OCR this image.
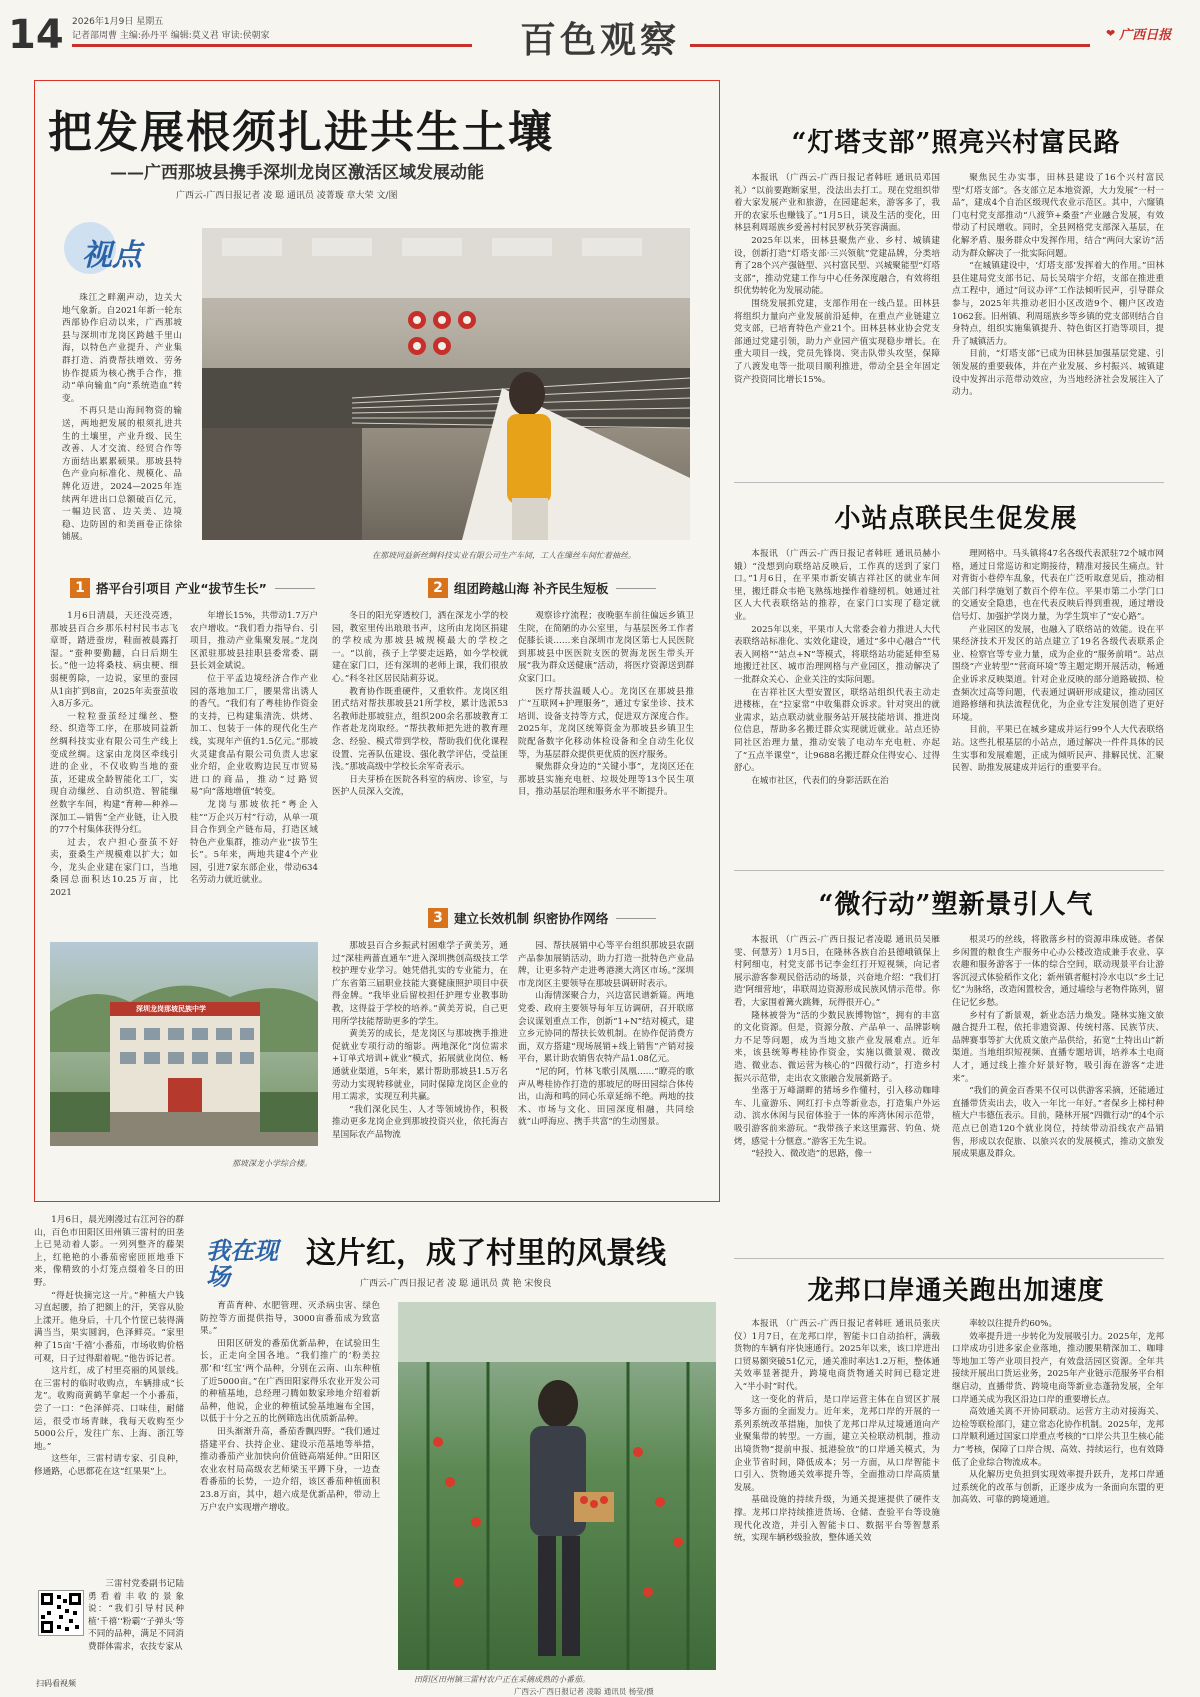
14 2026年1月9日 星期五
记者部周曹 主编:孙丹平 编辑:莫义君 审读:侯朝家	百色观察	❤ 广西日报
把发展根须扎进共生土壤
——广西那坡县携手深圳龙岗区激活区域发展动能
广西云-广西日报记者 凌 聪 通讯员 凌菁璇 章大荣 文/图
视点

珠江之畔潮声动，边关大地气象新。自2021年新一轮东西部协作启动以来，广西那坡县与深圳市龙岗区跨越千里山海，以特色产业提升、产业集群打造、消费帮扶增效、劳务协作提质为核心携手合作，推动“单向输血”向“系统造血”转变。

不再只是山海间物资的输送，两地把发展的根须扎进共生的土壤里，产业升级、民生改善、人才交流、经贸合作等方面结出累累硕果。那坡县特色产业向标准化、规模化、品牌化迈进，2024—2025年连续两年进出口总额破百亿元，一幅边民富、边关美、边境稳、边防固的和美画卷正徐徐铺展。

在那坡同益新丝绸科技实业有限公司生产车间，工人在缫丝车间忙着抽丝。
1 搭平台引项目 产业“拔节生长”	2 组团跨越山海 补齐民生短板

1月6日清晨，天还没亮透，那坡县百合乡那乐村村民韦志飞章哥，踏进蚕房，鞋面被晨露打湿。“蚕种要勤翻，白日后期生长。”他一边将桑枝、病虫梗、细弱梗剪除，一边说，家里的蚕园从1亩扩到8亩，2025年卖蚕茧收入8万多元。

一粒粒蚕茧经过缫丝、整经、织造等工序，在那坡同益新丝绸科技实业有限公司生产线上变成丝绸。这家由龙岗区牵线引进的企业，不仅收购当地的蚕茧，还建成全龄智能化工厂，实现自动缫丝、自动织造、智能缫丝数字车间，构建“育种—种养—深加工—销售”全产业链，让入股的77个村集体获得分红。

过去，农户担心蚕茧不好卖，蚕桑生产规模难以扩大；如今，龙头企业建在家门口，当地桑园总面积达10.25万亩，比2021

年增长15%，共带动1.7万户农户增收。“我们看力指导台、引项目，推动产业集聚发展。”龙岗区派驻那坡县挂职县委常委、副县长刘金斌说。

位于平孟边境经济合作产业园的落地加工厂，腰果常出诱人的香气。“我们有了粤桂协作资金的支持，已构建集清洗、烘烤、加工、包装于一体的现代化生产线，实现年产值约1.5亿元。”那坡火灵建食品有限公司负责人忠家业介绍，企业收购边民互市贸易进口的商品，推动“过路贸易”向“落地增值”转变。

龙岗与那坡依托“粤企入桂”“万企兴万村”行动，从单一项目合作到全产链布局，打造区域特色产业集群，推动产业“拔节生长”。5年来，两地共建4个产业园，引进7家东部企业，带动634名劳动力就近就业。

冬日的阳光穿透校门，洒在深龙小学的校园，教室里传出琅琅书声，这所由龙岗区捐建的学校成为那坡县城规模最大的学校之一。“以前，孩子上学要走远路，如今学校就建在家门口，还有深圳的老师上课，我们很放心。”科冬社区居民陆莉芬说。

教育协作既重硬件，又重软件。龙岗区组团式结对帮扶那坡县21所学校，累计选派53名教师赴那坡驻点，组织200余名那坡教育工作者赴龙岗取经。“帮扶教师把先进的教育理念、经验、模式带到学校，帮助我们优化课程设置、完善队伍建设、强化教学评估，受益匪浅。”那坡高级中学校长余军奇表示。

日夫芽桥在医院各科室的病房、诊室，与医护人员深入交流，

观察诊疗流程；夜晚驱车前往偏远乡镇卫生院，在简陋的办公室里，与基层医务工作者促膝长谈……来自深圳市龙岗区第七人民医院到那坡县中医医院支医的贺海龙医生带头开展“我为群众送健康”活动，将医疗资源送到群众家门口。

医疗帮扶温暖人心。龙岗区在那坡县推广“互联网+护理服务”，通过专家坐诊、技术培训、设备支持等方式，促进双方深度合作。2025年，龙岗区统筹资金为那坡县乡镇卫生院配备数字化移动体检设备和全自动生化仪等，为基层群众提供更优质的医疗服务。

聚焦群众身边的“关键小事”，龙岗区还在那坡县实施充电桩、垃圾处理等13个民生项目，推动基层治理和服务水平不断提升。

深圳龙岗那坡民族中学
那坡深龙小学综合楼。
3 建立长效机制 织密协作网络

那坡县百合乡振武村困难学子黄美芳，通过“深桂两蔷直通车”进入深圳携创高级技工学校护理专业学习。她凭借扎实的专业能力，在广东省第三届职业技能大赛健康照护项目中获得金牌。“我毕业后留校担任护理专业教事助教，这得益于学校的培养。”黄美芳说，自己更用所学技能帮助更多的学生。

黄美芳的成长，是龙岗区与那坡携手推进促就业专项行动的缩影。两地深化“岗位需求+订单式培训+就业”模式，拓展就业岗位、畅通就业渠道，5年来，累计帮助那坡县1.5万名劳动力实现转移就业，同时保障龙岗区企业的用工需求，实现互利共赢。

“我们深化民生、人才等领域协作，积极推动更多龙岗企业到那坡投资兴业，依托海吉星国际农产品物流

园、帮扶展销中心等平台组织那坡县农副产品参加展销活动，助力打造一批特色产业品牌，让更多特产走进粤港澳大湾区市场。”深圳市龙岗区主要领导在那坡县调研时表示。

山海情深聚合力，兴边富民谱新篇。两地党委、政府主要领导每年互访调研，召开联席会议谋划重点工作，创新“1+N”结对模式，建立乡元协同的帮扶长效机制。在协作促消费方面，双方搭建“现场展销+线上销售”产销对接平台，累计助农销售农特产品1.08亿元。

“尼的阿，竹林飞歌引凤凰……”瞭亮的歌声从粤桂协作打造的那坡尼的呀田园综合体传出，山海和鸣的同心乐章延绵不绝。两地的技术、市场与文化、田园深度相融，共同绘就“山呼海应、携手共富”的生动图景。

“灯塔支部”照亮兴村富民路

本报讯 （广西云-广西日报记者韩旺 通讯员邓国礼）“以前要跑断家里，没法出去打工。现在党组织带着大家发展产业和旅游，在园建起来，游客多了，我开的农家乐也赚钱了。”1月5日，谈及生活的变化，田林县利周瑶族乡爱善村村民罗秋芬笑容满面。

2025年以来，田林县聚焦产业、乡村、城镇建设，创新打造“灯塔支部·三兴领航”党建品牌，分类培育了28个兴产强链型、兴村富民型、兴城聚能型“灯塔支部”，推动党建工作与中心任务深度融合，有效将组织优势转化为发展动能。

围绕发展抓党建，支部作用在一线凸显。田林县将组织力量向产业发展前沿延伸，在重点产业链建立党支部，已培育特色产业21个。田林县林业协会党支部通过党建引领，助力产业园产值实现稳步增长。在重大项目一线，党员先锋岗、突击队带头攻坚，保障了八渡发电等一批项目顺利推进，带动全县全年固定资产投资同比增长15%。

聚焦民生办实事，田林县建设了16个兴村富民型“灯塔支部”。各支部立足本地资源，大力发展“一村一品”，建成4个自治区级现代农业示范区。其中，六窿镇门屯村党支部推动“八渡笋+桑蚕”产业融合发展，有效带动了村民增收。同时，全县网格党支部深入基层，在化解矛盾、服务群众中发挥作用，结合“两问大家访”活动为群众解决了一批实际问题。

“在城镇建设中，‘灯塔支部’发挥着大的作用。”田林县住建局党支部书记、局长吴瑞宇介绍，支部在推进重点工程中，通过“问议办评”工作法倾听民声，引导群众参与，2025年共推动老旧小区改造9个、棚户区改造1062套。旧州镇、利周瑶族乡等乡镇的党支部则结合自身特点，组织实施集镇提升、特色街区打造等项目，提升了城镇活力。

目前，“灯塔支部”已成为田林县加强基层党建、引领发展的重要载体，并在产业发展、乡村振兴、城镇建设中发挥出示范带动效应，为当地经济社会发展注入了动力。

小站点联民生促发展

本报讯 （广西云-广西日报记者韩旺 通讯员赫小娥）“没想到向联络站反映后，工作真的送到了家门口。”1月6日，在平果市新安镇吉祥社区的就业车间里，搬迁群众韦艳飞熟练地操作着缝纫机。她通过社区人大代表联络站的推荐，在家门口实现了稳定就业。

2025年以来，平果市人大常委会着力推进人大代表联络站标准化、实效化建设，通过“多中心融合”“代表入网格”“站点+N”等模式，将联络站功能延伸至易地搬迁社区、城市治理网格与产业园区，推动解决了一批群众关心、企业关注的实际问题。

在吉祥社区大型安置区，联络站组织代表主动走进楼栋，在“拉家常”中收集群众诉求。针对突出的就业需求，站点联动就业服务站开展技能培训、推进岗位信息，帮助多名搬迁群众实现就近就业。站点还协同社区治理力量，推动安装了电动车充电桩、亦起了“五点半课堂”，让9688名搬迁群众住得安心、过得舒心。

在城市社区，代表们的身影活跃在治

理网格中。马头镇将47名各级代表派驻72个城市网格，通过日常巡访和定期接待，精准对接民生痛点。针对背街小巷停车乱象，代表在广泛听取意见后，推动相关部门科学施划了数百个停车位。平果市第二小学门口的交通安全隐患，也在代表反映后得到重视，通过增设信号灯、加强护学岗力量，为学生筑牢了“安心路”。

产业园区的发展，也融入了联络站的效能。设在平果经济技术开发区的站点建立了19名各级代表联系企业、检察官等专业力量，成为企业的“服务前哨”。站点围绕“产业转型”“营商环境”等主题定期开展活动，畅通企业诉求反映渠道。针对企业反映的部分道路破损、检查频次过高等问题，代表通过调研形成建议，推动园区道路修缮和执法流程优化，为企业专注发展创造了更好环境。

目前，平果已在城乡建成并运行99个人大代表联络站。这些扎根基层的小站点，通过解决一件件具体的民生实事和发展难题，正成为倾听民声、排解民忧、汇聚民智、助推发展建成并运行的重要平台。

“微行动”塑新景引人气

本报讯 （广西云-广西日报记者凌聪 通讯员吴雁雯、何慧芳）1月5日，在隆林各族自治县德峨镇保上村阿细屯，村党支部书记李金红打开短视频，向记者展示游客参观民俗活动的场景，兴奋地介绍：“我们打造‘阿细营地’，串联周边资源形成民族风情示范带。你看，大家围着篝火跳舞，玩得很开心。”

隆林被誉为“活的少数民族博物馆”，拥有的丰富的文化资源。但是，资源分散、产品单一、品牌影响力不足等问题，成为当地文旅产业发展难点。近年来，该县统筹粤桂协作资金，实施以微景观、微改造、微业态、微运营为核心的“四微行动”，打造乡村振兴示范带，走出农文旅融合发展新路子。

坐落于万峰湖畔的猪场乡作懂村，引入移动咖啡车、儿童游乐、网红打卡点等新业态，打造集户外运动、滨水休闲与民宿体验于一体的库湾休闲示范带，吸引游客前来游玩。“我带孩子来这里露营、钓鱼、烧烤，感觉十分惬意。”游客王先生说。

“轻投入、微改造”的思路，像一

根灵巧的丝线，将散落乡村的资源串珠成链。者保乡闲置的粮食生产服务中心办公楼改造成兼手农业、享农趣和服务游客于一体的综合空间，联动现景平台让游客沉浸式体验稻作文化；新州镇者艇村冷水屯以“乡土记忆”为脉络，改造闲置校舍，通过墙绘与老物件陈列，留住记忆乡愁。

乡村有了新景观，新业态活力焕发。隆林实施文旅融合提升工程，依托非遗资源、传统村落、民族节庆、品牌赛事等扩大优质文旅产品供给，拓宽“土特出山”新渠道。当地组织短视频、直播专题培训，培养本土电商人才，通过线上推介好景好物，吸引海在游客“走进来”。

“我们的黄金百香果不仅可以供游客采摘，还能通过直播带货卖出去，收入一年比一年好。”者保乡上梯村种植大户韦德伍表示。目前，隆林开展“四微行动”的4个示范点已创造120个就业岗位，持续带动沿线农产品销售，形成以农促旅、以旅兴农的发展模式，推动文旅发展成果惠及群众。

龙邦口岸通关跑出加速度

本报讯 （广西云-广西日报记者韩旺 通讯员张庆仪）1月7日，在龙邦口岸，智能卡口自动抬杆，满载货物的车辆有序快速通行。2025年以来，该口岸进出口贸易额突破51亿元，通关准时率达1.2万柜，整体通关效率显著提升，跨境电商货物通关时间已稳定进入“半小时”时代。

这一变化的背后，是口岸运营主体在自贸区扩展等多方面的全面发力。近年来，龙邦口岸的开展的一系列系统改革措施，加快了龙邦口岸从过境通道向产业聚集带的转型。一方面，建立关检联动机制，推动出境货物“提前申报、抵港验放”的口岸通关模式，为企业节省时间，降低成本；另一方面，从口岸智能卡口引入、货物通关效率提升等，全面推动口岸高质量发展。

基础设施的持续升级，为通关提速提供了硬件支撑。龙邦口岸持续推进货场、仓储、查验平台等设施现代化改造，并引入智能卡口、数据平台等智慧系统，实现车辆秒级验放，整体通关效

率较以往提升约60%。

效率提升进一步转化为发展吸引力。2025年，龙邦口岸成功引进多家企业落地，推动腰果精深加工、咖啡等地加工等产业项目投产，有效盘活园区资源。全年共接续开展出口货运业务，2025年产业链示范服务平台相继启动，直播带货、跨境电商等新业态蓬勃发展，全年口岸通关成为我区沿边口岸的重要增长点。

高效通关离不开协同联动。运营方主动对接海关、边检等联检部门，建立常态化协作机制。2025年，龙邦口岸顺利通过国家口岸重点考核的“口岸公共卫生核心能力”考核，保障了口岸合规、高效、持续运行，也有效降低了企业综合物流成本。

从化解历史负担到实现效率提升跃升，龙邦口岸通过系统化的改革与创新，正逐步成为一条面向东盟的更加高效、可靠的跨境通道。

1月6日，晨光刚漫过右江河谷的群山，百色市田阳区田州镇三雷村的田垄上已晃动着人影。一列列整齐的藤架上，红艳艳的小番茄密密匝匝地垂下来，像精致的小灯笼点缀着冬日的田野。

“得赶快摘完这一片。”种植大户钱习直起腰，抬了把额上的汗，笑容从脸上漾开。他身后，十几个竹筐已装得满满当当，果实圆润，色泽鲜亮。“家里种了15亩‘千禧’小番茄，市场收购价格可观，日子过得甜着呢。”他告诉记者。

这片红，成了村里亮丽的风景线。在三雷村的临时收购点，车辆排成“长龙”。收购商黄鹤芊拿起一个小番茄，尝了一口：“色泽鲜亮、口味佳，耐储运，很受市场青睐，我每天收购至少5000公斤，发往广东、上海、浙江等地。”

这些年，三雷村请专家、引良种，修通路，心思都花在这“红果果”上。

三雷村党委副书记陆勇看着丰收的景象说：“我们引导村民种植‘千禧’‘粉霸’‘子弹头’等不同的品种，满足不同消费群体需求，农技专家从

我在现场
这片红，成了村里的风景线
广西云-广西日报记者 凌 聪 通讯员 黄 艳 宋俊良

育苗育种、水肥管理、灭杀病虫害、绿色防控等方面提供指导，3000亩番茄成为致富果。”

田阳区研发的番茄优新品种，在试验田生长，正走向全国各地。“我们推广的‘粉美拉那’和‘红宝’两个品种，分别在云南、山东种植了近5000亩。”在广西田阳家得乐农业开发公司的种植基地，总经理刁腾如数家珍地介绍着新品种，他说，企业的种植试验基地遍布全国，以低于十分之五的比例筛选出优质新品种。

田头渐渐升高，番茄香飘四野。“我们通过搭建平台、扶持企业、建设示范基地等举措，推动番茄产业加快向价值链高端延伸。”田阳区农业农村局高级农艺师梁玉平蹲下身，一边查看番茄的长势，一边介绍，该区番茄种植面积23.8万亩，其中，超六成是优新品种，带动上万户农户实现增产增收。

田阳区田州镇三雷村农户正在采摘成熟的小番茄。
广西云-广西日报记者 凌聪 通讯员 杨莹/摄
扫码看视频
